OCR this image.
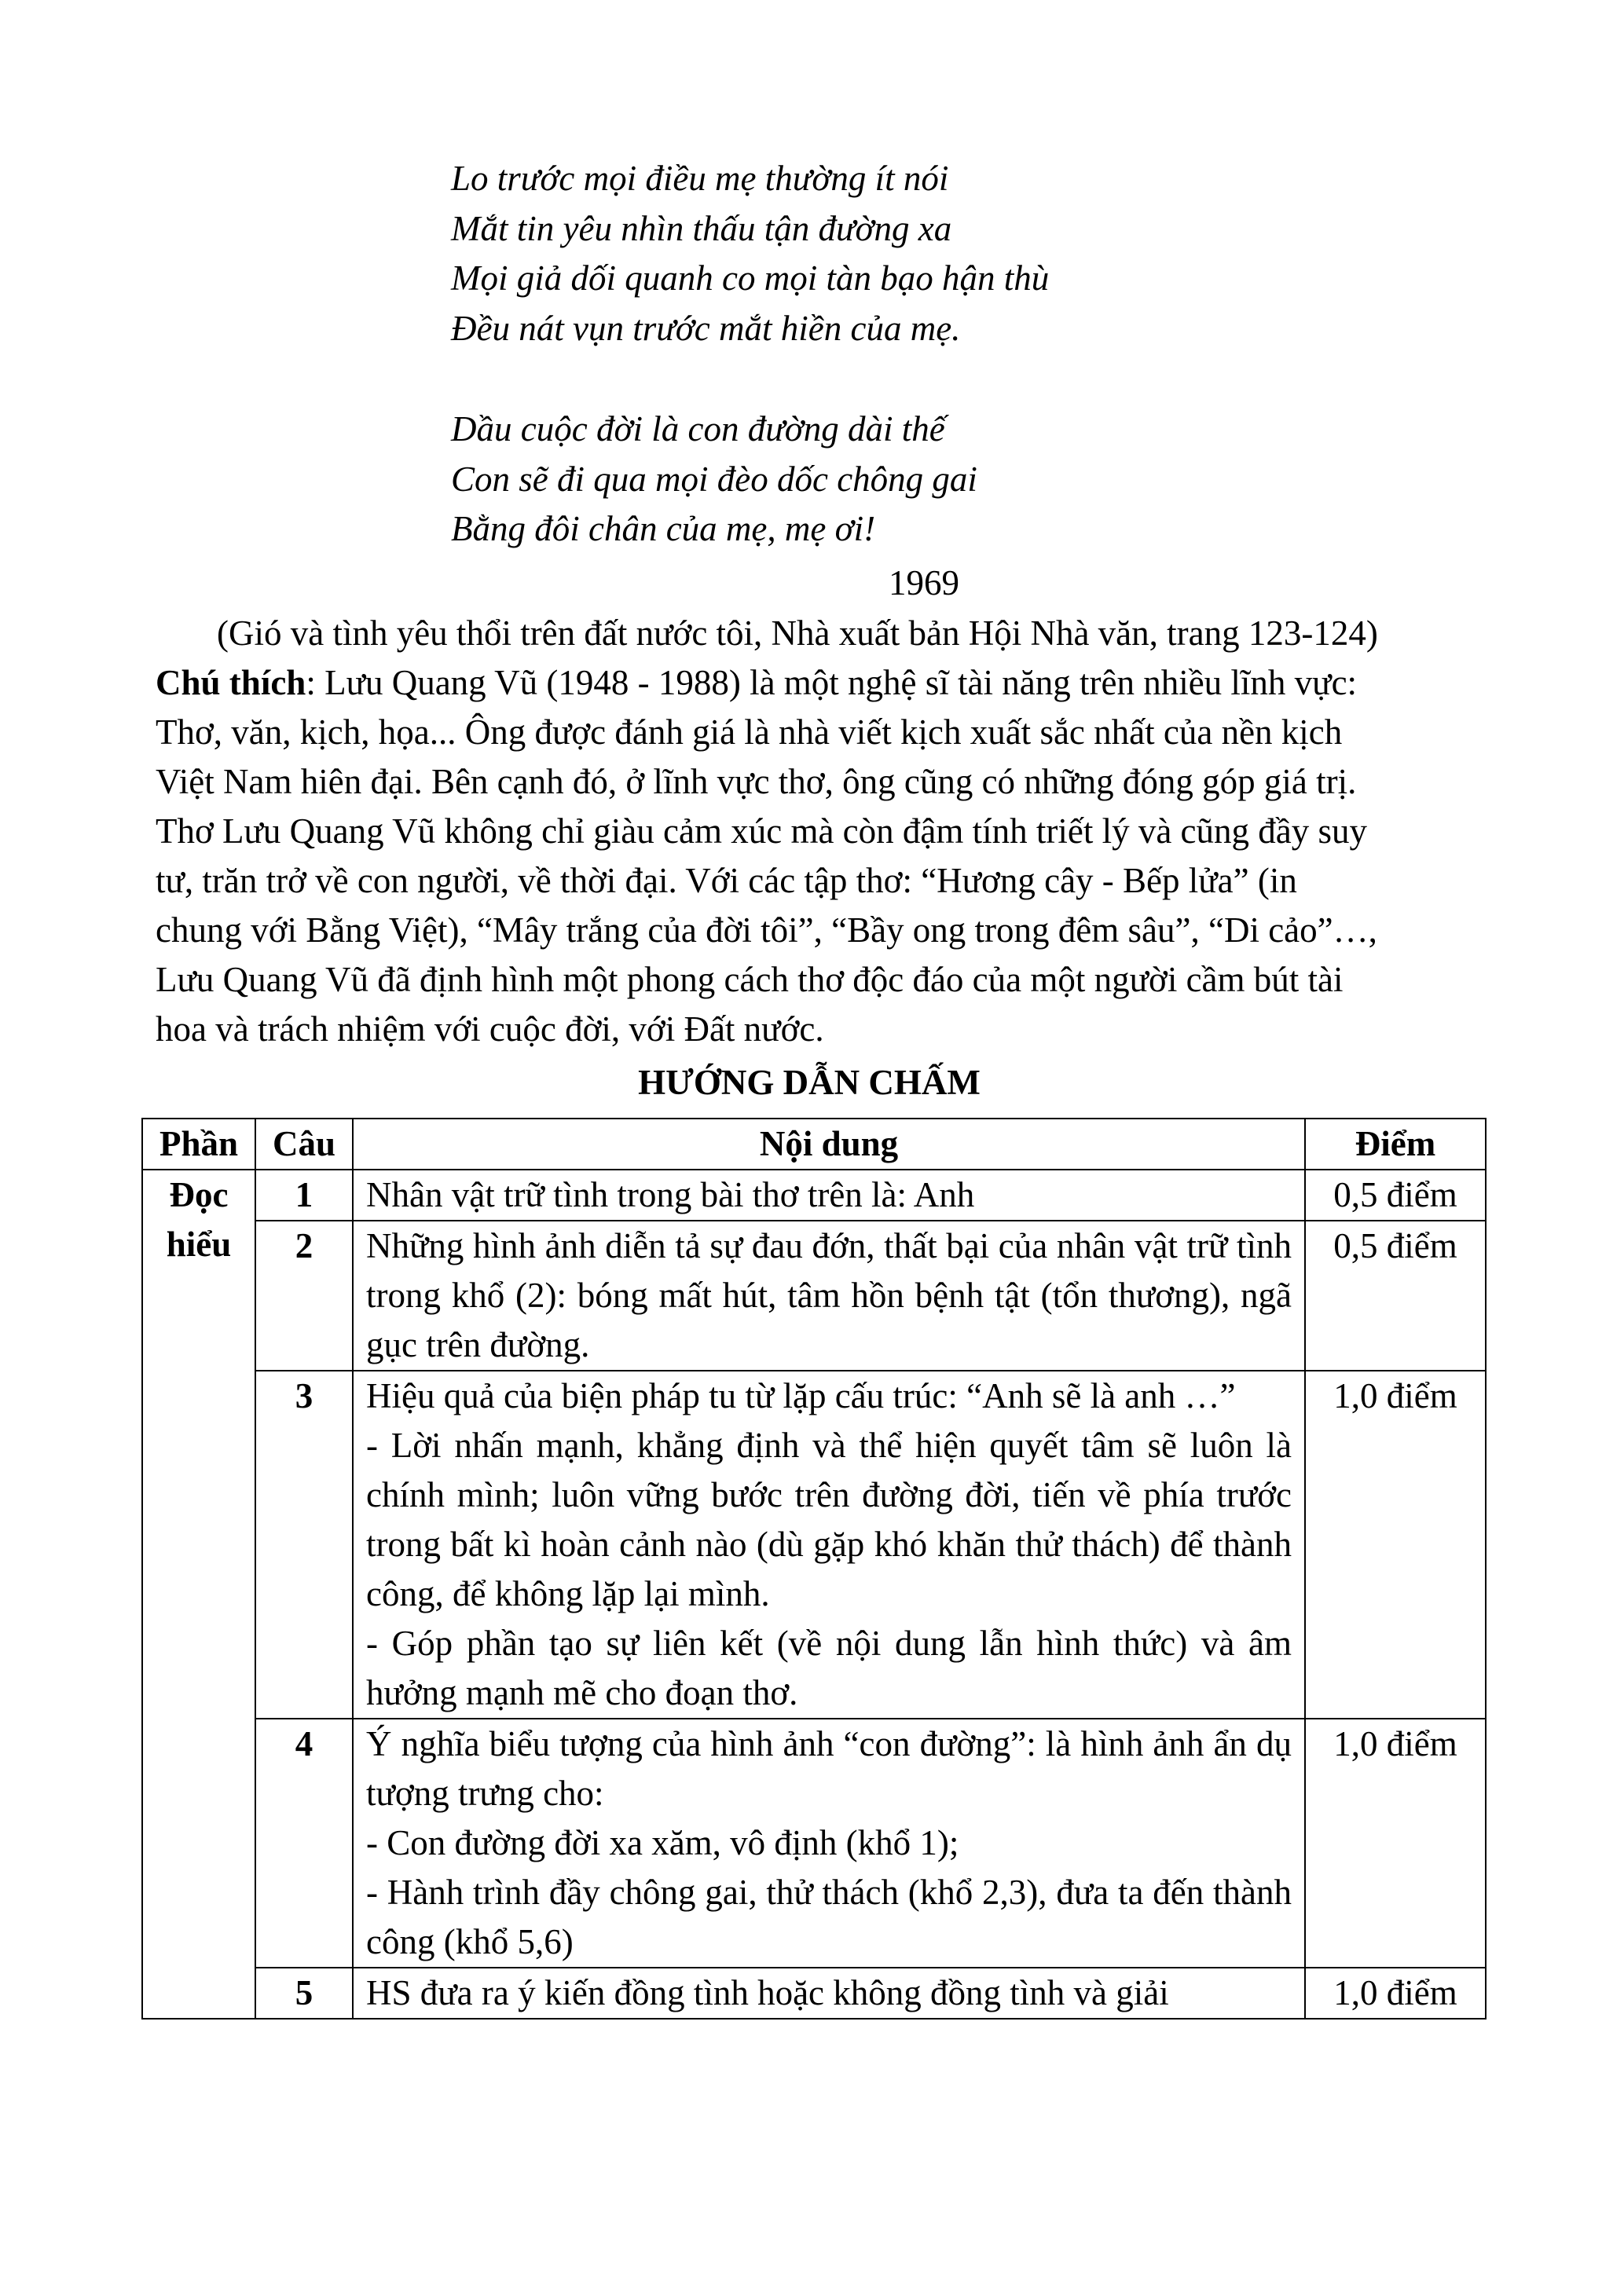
Lo trước mọi điều mẹ thường ít nói
Mắt tin yêu nhìn thấu tận đường xa
Mọi giả dối quanh co mọi tàn bạo hận thù
Đều nát vụn trước mắt hiền của mẹ.
Dầu cuộc đời là con đường dài thế
Con sẽ đi qua mọi đèo dốc chông gai
Bằng đôi chân của mẹ, mẹ ơi!
1969
(Gió và tình yêu thổi trên đất nước tôi, Nhà xuất bản Hội Nhà văn, trang 123-124)
Chú thích: Lưu Quang Vũ (1948 - 1988) là một nghệ sĩ tài năng trên nhiều lĩnh vực:
Thơ, văn, kịch, họa... Ông được đánh giá là nhà viết kịch xuất sắc nhất của nền kịch
Việt Nam hiên đại. Bên cạnh đó, ở lĩnh vực thơ, ông cũng có những đóng góp giá trị.
Thơ Lưu Quang Vũ không chỉ giàu cảm xúc mà còn đậm tính triết lý và cũng đầy suy
tư, trăn trở về con người, về thời đại. Với các tập thơ: “Hương cây - Bếp lửa” (in
chung với Bằng Việt), “Mây trắng của đời tôi”, “Bầy ong trong đêm sâu”, “Di cảo”…,
Lưu Quang Vũ đã định hình một phong cách thơ độc đáo của một người cầm bút tài
hoa và trách nhiệm với cuộc đời, với Đất nước.
HƯỚNG DẪN CHẤM
Phần	Câu	Nội dung	Điểm
Đọc hiểu	1	Nhân vật trữ tình trong bài thơ trên là: Anh	0,5 điểm
	2	Những hình ảnh diễn tả sự đau đớn, thất bại của nhân vật trữ tình trong khổ (2): bóng mất hút, tâm hồn bệnh tật (tổn thương), ngã gục trên đường.	0,5 điểm
	3	Hiệu quả của biện pháp tu từ lặp cấu trúc: “Anh sẽ là anh …”
- Lời nhấn mạnh, khẳng định và thể hiện quyết tâm sẽ luôn là chính mình; luôn vững bước trên đường đời, tiến về phía trước trong bất kì hoàn cảnh nào (dù gặp khó khăn thử thách) để thành công, để không lặp lại mình.
- Góp phần tạo sự liên kết (về nội dung lẫn hình thức) và âm hưởng mạnh mẽ cho đoạn thơ.	1,0 điểm
	4	Ý nghĩa biểu tượng của hình ảnh “con đường”: là hình ảnh ẩn dụ tượng trưng cho:
- Con đường đời xa xăm, vô định (khổ 1);
- Hành trình đầy chông gai, thử thách (khổ 2,3), đưa ta đến thành công (khổ 5,6)	1,0 điểm
	5	HS đưa ra ý kiến đồng tình hoặc không đồng tình và giải	1,0 điểm
